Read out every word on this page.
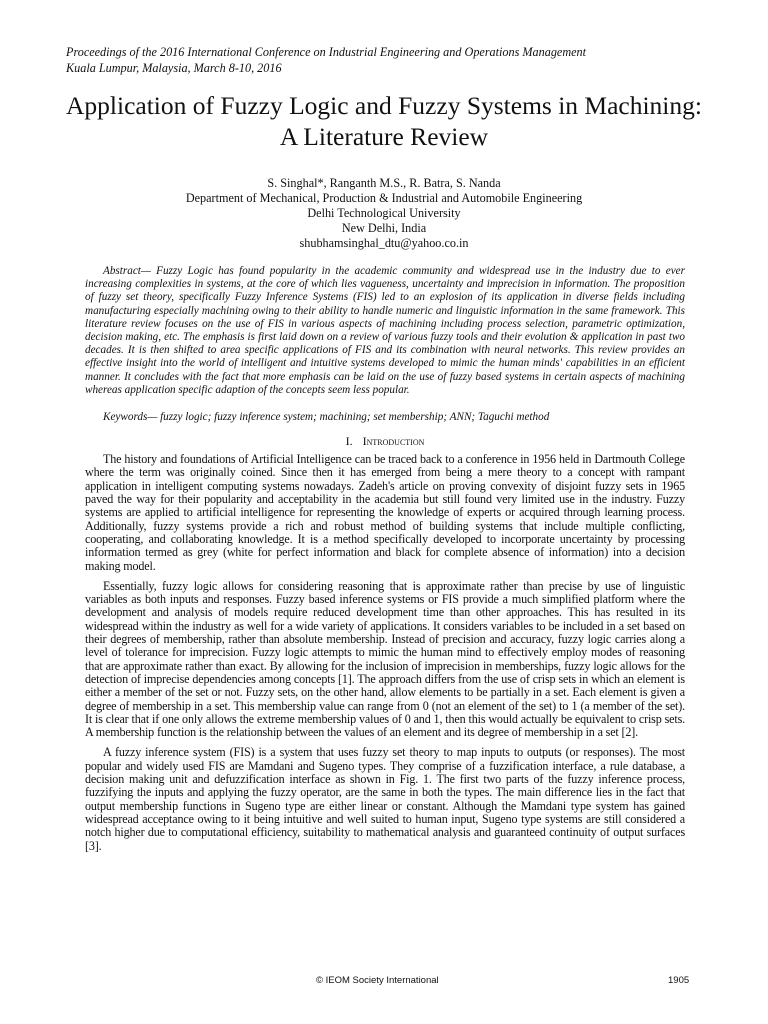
Proceedings of the 2016 International Conference on Industrial Engineering and Operations Management
Kuala Lumpur, Malaysia, March 8-10, 2016
Application of Fuzzy Logic and Fuzzy Systems in Machining:
A Literature Review
S. Singhal*, Ranganth M.S., R. Batra, S. Nanda
Department of Mechanical, Production & Industrial and Automobile Engineering
Delhi Technological University
New Delhi, India
shubhamsinghal_dtu@yahoo.co.in

Abstract— Fuzzy Logic has found popularity in the academic community and widespread use in the industry due to ever increasing complexities in systems, at the core of which lies vagueness, uncertainty and imprecision in information. The proposition of fuzzy set theory, specifically Fuzzy Inference Systems (FIS) led to an explosion of its application in diverse fields including manufacturing especially machining owing to their ability to handle numeric and linguistic information in the same framework. This literature review focuses on the use of FIS in various aspects of machining including process selection, parametric optimization, decision making, etc. The emphasis is first laid down on a review of various fuzzy tools and their evolution & application in past two decades. It is then shifted to area specific applications of FIS and its combination with neural networks. This review provides an effective insight into the world of intelligent and intuitive systems developed to mimic the human minds' capabilities in an efficient manner. It concludes with the fact that more emphasis can be laid on the use of fuzzy based systems in certain aspects of machining whereas application specific adaption of the concepts seem less popular.

Keywords— fuzzy logic; fuzzy inference system; machining; set membership; ANN; Taguchi method

I. Introduction

The history and foundations of Artificial Intelligence can be traced back to a conference in 1956 held in Dartmouth College where the term was originally coined. Since then it has emerged from being a mere theory to a concept with rampant application in intelligent computing systems nowadays. Zadeh's article on proving convexity of disjoint fuzzy sets in 1965 paved the way for their popularity and acceptability in the academia but still found very limited use in the industry. Fuzzy systems are applied to artificial intelligence for representing the knowledge of experts or acquired through learning process. Additionally, fuzzy systems provide a rich and robust method of building systems that include multiple conflicting, cooperating, and collaborating knowledge. It is a method specifically developed to incorporate uncertainty by processing information termed as grey (white for perfect information and black for complete absence of information) into a decision making model.

Essentially, fuzzy logic allows for considering reasoning that is approximate rather than precise by use of linguistic variables as both inputs and responses. Fuzzy based inference systems or FIS provide a much simplified platform where the development and analysis of models require reduced development time than other approaches. This has resulted in its widespread within the industry as well for a wide variety of applications. It considers variables to be included in a set based on their degrees of membership, rather than absolute membership. Instead of precision and accuracy, fuzzy logic carries along a level of tolerance for imprecision. Fuzzy logic attempts to mimic the human mind to effectively employ modes of reasoning that are approximate rather than exact. By allowing for the inclusion of imprecision in memberships, fuzzy logic allows for the detection of imprecise dependencies among concepts [1]. The approach differs from the use of crisp sets in which an element is either a member of the set or not. Fuzzy sets, on the other hand, allow elements to be partially in a set. Each element is given a degree of membership in a set. This membership value can range from 0 (not an element of the set) to 1 (a member of the set). It is clear that if one only allows the extreme membership values of 0 and 1, then this would actually be equivalent to crisp sets. A membership function is the relationship between the values of an element and its degree of membership in a set [2].

A fuzzy inference system (FIS) is a system that uses fuzzy set theory to map inputs to outputs (or responses). The most popular and widely used FIS are Mamdani and Sugeno types. They comprise of a fuzzification interface, a rule database, a decision making unit and defuzzification interface as shown in Fig. 1. The first two parts of the fuzzy inference process, fuzzifying the inputs and applying the fuzzy operator, are the same in both the types. The main difference lies in the fact that output membership functions in Sugeno type are either linear or constant. Although the Mamdani type system has gained widespread acceptance owing to it being intuitive and well suited to human input, Sugeno type systems are still considered a notch higher due to computational efficiency, suitability to mathematical analysis and guaranteed continuity of output surfaces [3].

© IEOM Society International	1905
